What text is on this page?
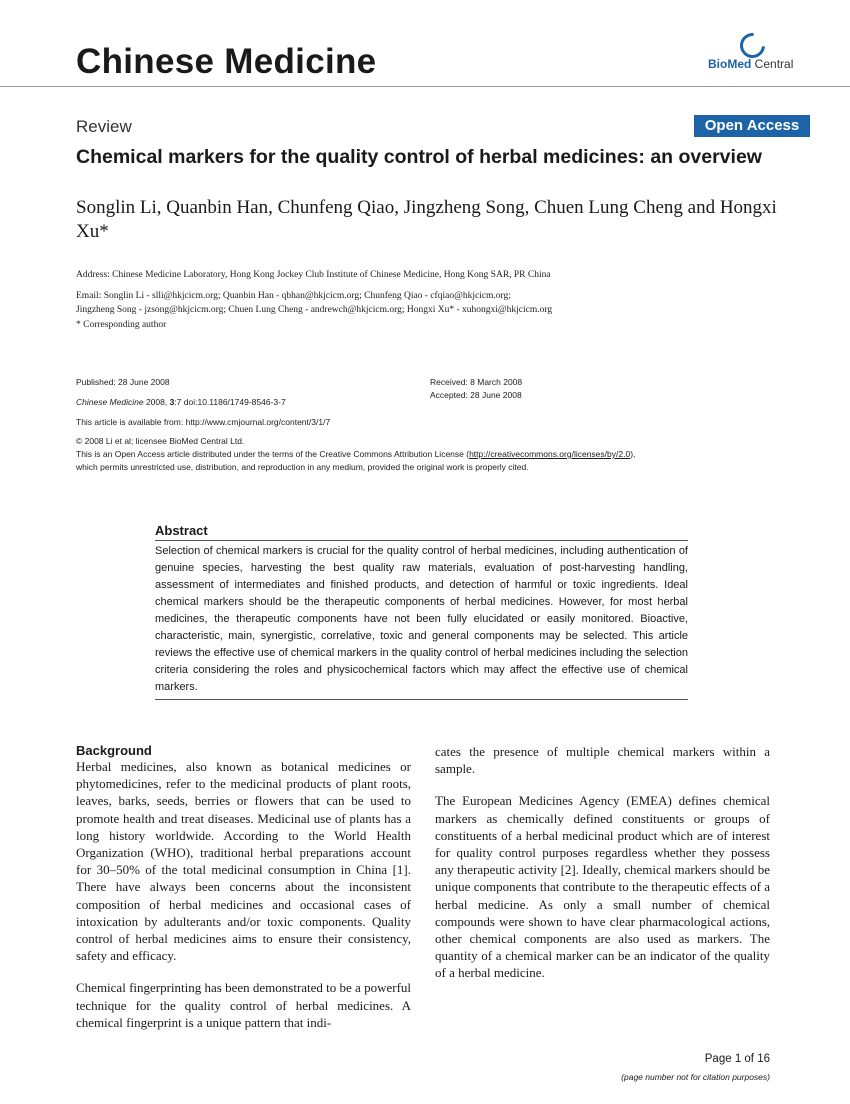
Chinese Medicine	BioMed Central
Review	Open Access
Chemical markers for the quality control of herbal medicines: an overview
Songlin Li, Quanbin Han, Chunfeng Qiao, Jingzheng Song, Chuen Lung Cheng and Hongxi Xu*
Address: Chinese Medicine Laboratory, Hong Kong Jockey Club Institute of Chinese Medicine, Hong Kong SAR, PR China
Email: Songlin Li - slli@hkjcicm.org; Quanbin Han - qbhan@hkjcicm.org; Chunfeng Qiao - cfqiao@hkjcicm.org;
Jingzheng Song - jzsong@hkjcicm.org; Chuen Lung Cheng - andrewch@hkjcicm.org; Hongxi Xu* - xuhongxi@hkjcicm.org
* Corresponding author
Published: 28 June 2008
Chinese Medicine 2008, 3:7 doi:10.1186/1749-8546-3-7
Received: 8 March 2008
Accepted: 28 June 2008
This article is available from: http://www.cmjournal.org/content/3/1/7
© 2008 Li et al; licensee BioMed Central Ltd.
This is an Open Access article distributed under the terms of the Creative Commons Attribution License (http://creativecommons.org/licenses/by/2.0),
which permits unrestricted use, distribution, and reproduction in any medium, provided the original work is properly cited.
Abstract
Selection of chemical markers is crucial for the quality control of herbal medicines, including authentication of genuine species, harvesting the best quality raw materials, evaluation of post-harvesting handling, assessment of intermediates and finished products, and detection of harmful or toxic ingredients. Ideal chemical markers should be the therapeutic components of herbal medicines. However, for most herbal medicines, the therapeutic components have not been fully elucidated or easily monitored. Bioactive, characteristic, main, synergistic, correlative, toxic and general components may be selected. This article reviews the effective use of chemical markers in the quality control of herbal medicines including the selection criteria considering the roles and physicochemical factors which may affect the effective use of chemical markers.
Background

Herbal medicines, also known as botanical medicines or phytomedicines, refer to the medicinal products of plant roots, leaves, barks, seeds, berries or flowers that can be used to promote health and treat diseases. Medicinal use of plants has a long history worldwide. According to the World Health Organization (WHO), traditional herbal preparations account for 30–50% of the total medicinal consumption in China [1]. There have always been concerns about the inconsistent composition of herbal medicines and occasional cases of intoxication by adulterants and/or toxic components. Quality control of herbal medicines aims to ensure their consistency, safety and efficacy.

Chemical fingerprinting has been demonstrated to be a powerful technique for the quality control of herbal medicines. A chemical fingerprint is a unique pattern that indi-

cates the presence of multiple chemical markers within a sample.

The European Medicines Agency (EMEA) defines chemical markers as chemically defined constituents or groups of constituents of a herbal medicinal product which are of interest for quality control purposes regardless whether they possess any therapeutic activity [2]. Ideally, chemical markers should be unique components that contribute to the therapeutic effects of a herbal medicine. As only a small number of chemical compounds were shown to have clear pharmacological actions, other chemical components are also used as markers. The quantity of a chemical marker can be an indicator of the quality of a herbal medicine.

Page 1 of 16
(page number not for citation purposes)
